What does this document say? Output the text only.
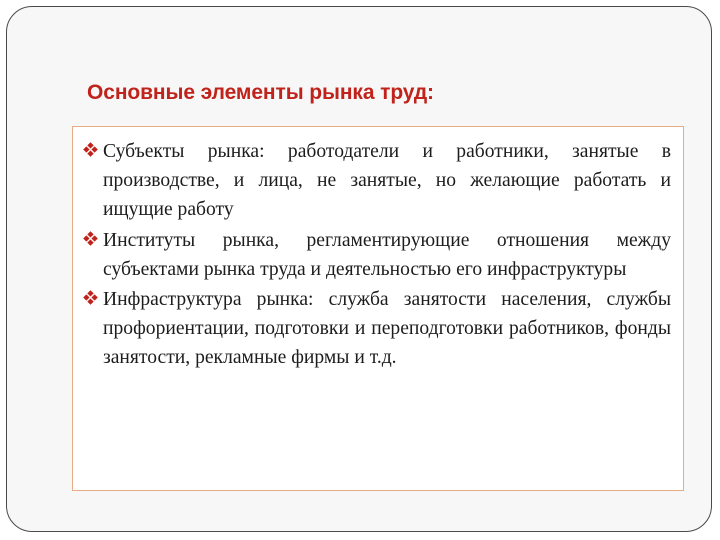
Основные элементы рынка труд:

Субъекты рынка: работодатели и работники, занятые в производстве, и лица, не занятые, но желающие работать и ищущие работу

Институты рынка, регламентирующие отношения между субъектами рынка труда и деятельностью его инфраструктуры

Инфраструктура рынка: служба занятости населения, службы профориентации, подготовки и переподготовки работников, фонды занятости, рекламные фирмы и т.д.
